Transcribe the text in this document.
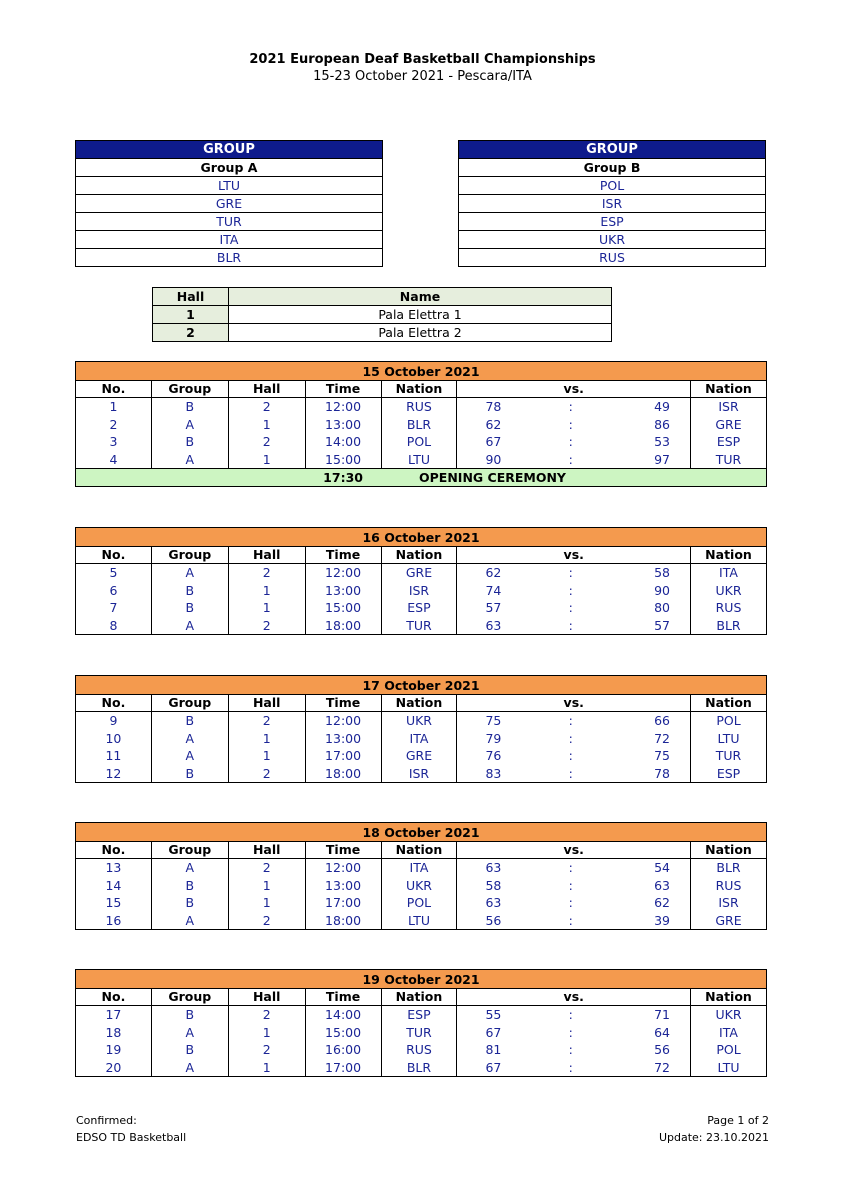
2021 European Deaf Basketball Championships
15-23 October 2021 - Pescara/ITA
GROUP
Group A
LTU
GRE
TUR
ITA
BLR
GROUP
Group B
POL
ISR
ESP
UKR
RUS
Hall	Name
1	Pala Elettra 1
2	Pala Elettra 2
15 October 2021								
No.	Group	Hall	Time	Nation	vs.			Nation
1	B	2	12:00	RUS	78	:	49	ISR
2	A	1	13:00	BLR	62	:	86	GRE
3	B	2	14:00	POL	67	:	53	ESP
4	A	1	15:00	LTU	90	:	97	TUR
			17:30	OPENING CEREMONY				
16 October 2021								
No.	Group	Hall	Time	Nation	vs.			Nation
5	A	2	12:00	GRE	62	:	58	ITA
6	B	1	13:00	ISR	74	:	90	UKR
7	B	1	15:00	ESP	57	:	80	RUS
8	A	2	18:00	TUR	63	:	57	BLR
17 October 2021								
No.	Group	Hall	Time	Nation	vs.			Nation
9	B	2	12:00	UKR	75	:	66	POL
10	A	1	13:00	ITA	79	:	72	LTU
11	A	1	17:00	GRE	76	:	75	TUR
12	B	2	18:00	ISR	83	:	78	ESP
18 October 2021								
No.	Group	Hall	Time	Nation	vs.			Nation
13	A	2	12:00	ITA	63	:	54	BLR
14	B	1	13:00	UKR	58	:	63	RUS
15	B	1	17:00	POL	63	:	62	ISR
16	A	2	18:00	LTU	56	:	39	GRE
19 October 2021								
No.	Group	Hall	Time	Nation	vs.			Nation
17	B	2	14:00	ESP	55	:	71	UKR
18	A	1	15:00	TUR	67	:	64	ITA
19	B	2	16:00	RUS	81	:	56	POL
20	A	1	17:00	BLR	67	:	72	LTU
Confirmed:
EDSO TD Basketball
Page 1 of 2
Update: 23.10.2021
